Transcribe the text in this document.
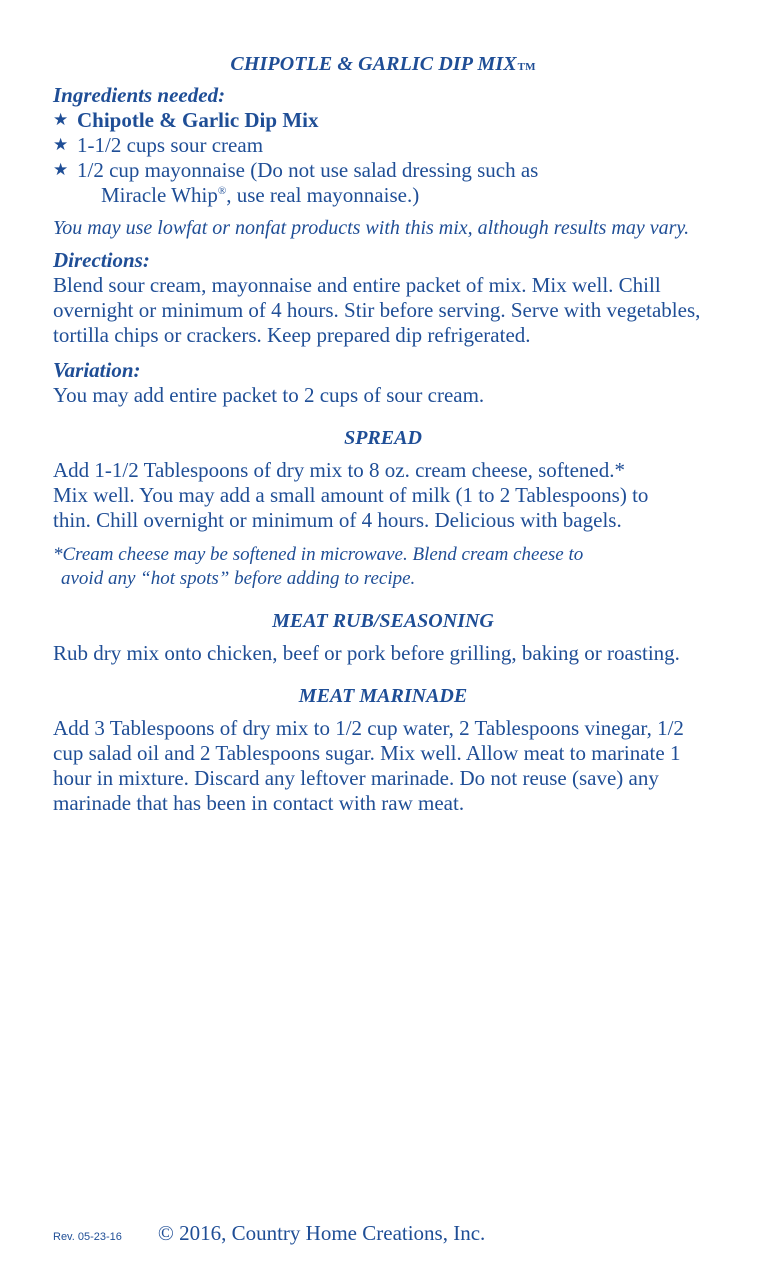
CHIPOTLE & GARLIC DIP MIXTM

Ingredients needed:

★ Chipotle & Garlic Dip Mix
★ 1-1/2 cups sour cream
★ 1/2 cup mayonnaise (Do not use salad dressing such as
Miracle Whip®, use real mayonnaise.)

You may use lowfat or nonfat products with this mix, although results may vary.

Directions:

Blend sour cream, mayonnaise and entire packet of mix. Mix well. Chill overnight or minimum of 4 hours. Stir before serving. Serve with vegetables, tortilla chips or crackers. Keep prepared dip refrigerated.

Variation:

You may add entire packet to 2 cups of sour cream.

SPREAD

Add 1-1/2 Tablespoons of dry mix to 8 oz. cream cheese, softened.* Mix well. You may add a small amount of milk (1 to 2 Tablespoons) to thin. Chill overnight or minimum of 4 hours. Delicious with bagels.

*Cream cheese may be softened in microwave. Blend cream cheese to
avoid any “hot spots” before adding to recipe.

MEAT RUB/SEASONING

Rub dry mix onto chicken, beef or pork before grilling, baking or roasting.

MEAT MARINADE

Add 3 Tablespoons of dry mix to 1/2 cup water, 2 Tablespoons vinegar, 1/2 cup salad oil and 2 Tablespoons sugar. Mix well. Allow meat to marinate 1 hour in mixture. Discard any leftover marinade. Do not reuse (save) any marinade that has been in contact with raw meat.

Rev. 05-23-16 © 2016, Country Home Creations, Inc.
